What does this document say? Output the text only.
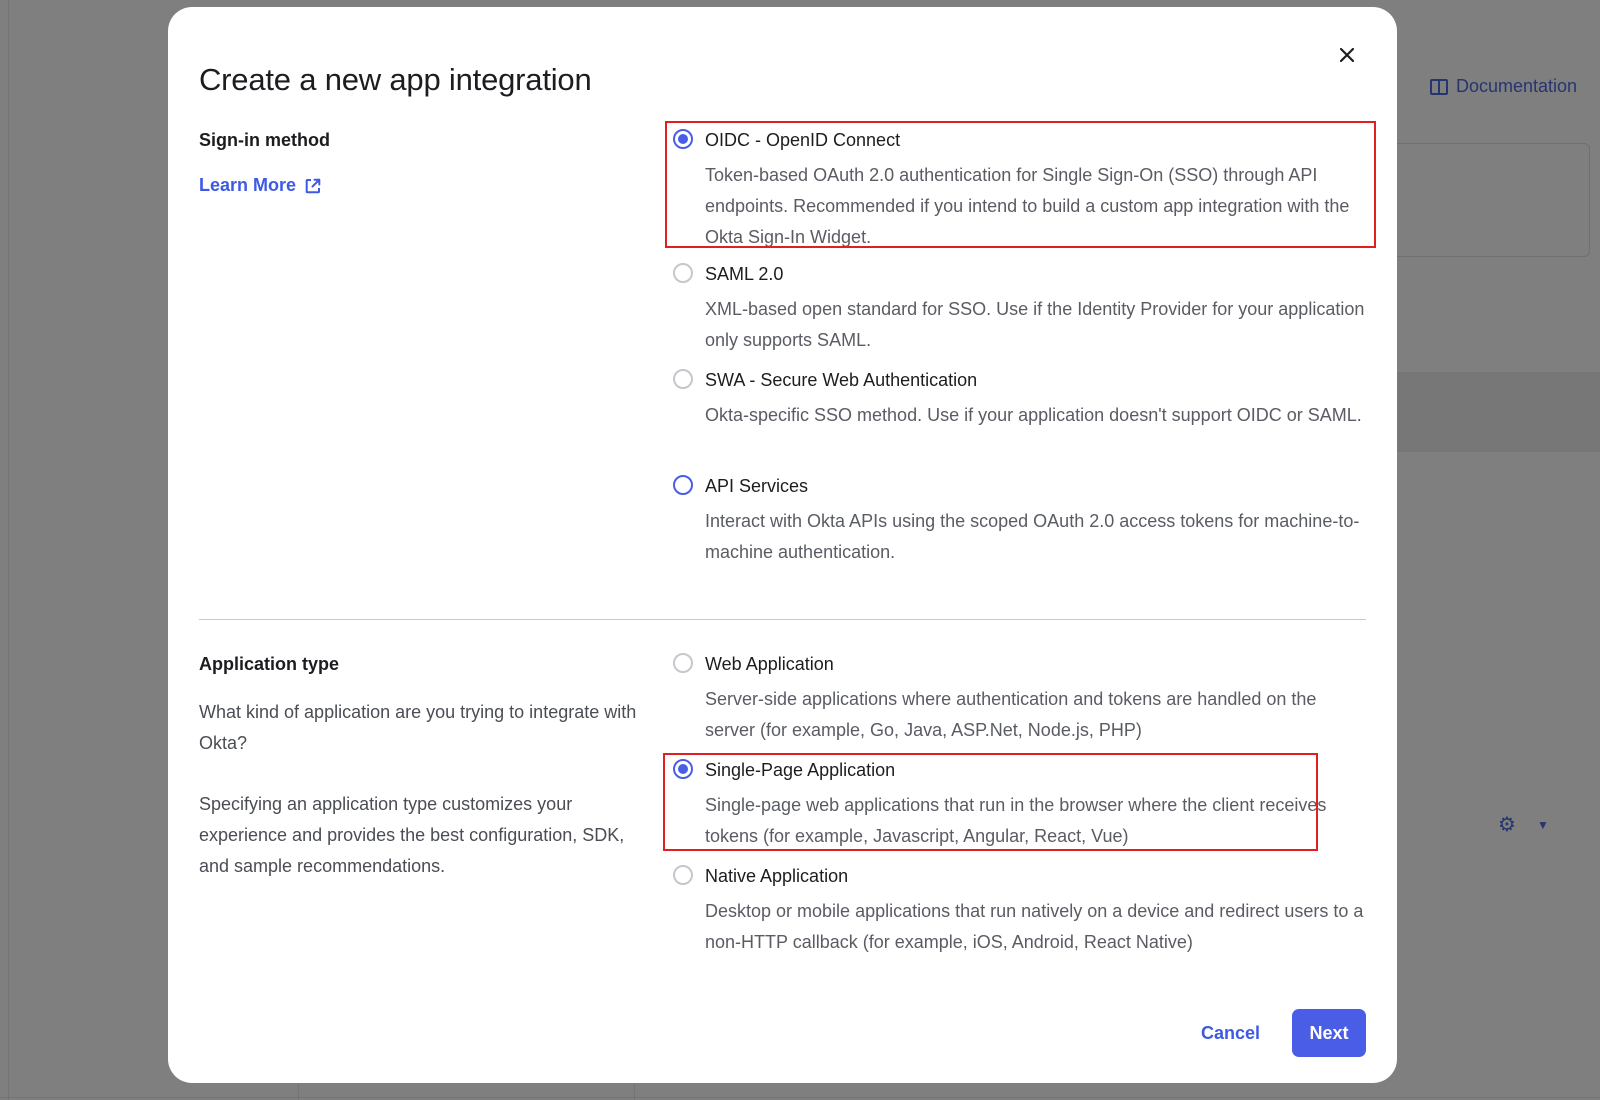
Documentation
⚙ ▼
Create a new app integration
Sign-in method
Learn More
OIDC - OpenID Connect
Token-based OAuth 2.0 authentication for Single Sign-On (SSO) through API endpoints. Recommended if you intend to build a custom app integration with the Okta Sign-In Widget.
SAML 2.0
XML-based open standard for SSO. Use if the Identity Provider for your application only supports SAML.
SWA - Secure Web Authentication
Okta-specific SSO method. Use if your application doesn't support OIDC or SAML.
API Services
Interact with Okta APIs using the scoped OAuth 2.0 access tokens for machine-to-machine authentication.
Application type

What kind of application are you trying to integrate with Okta?

Specifying an application type customizes your experience and provides the best configuration, SDK, and sample recommendations.

Web Application
Server-side applications where authentication and tokens are handled on the server (for example, Go, Java, ASP.Net, Node.js, PHP)
Single-Page Application
Single-page web applications that run in the browser where the client receives tokens (for example, Javascript, Angular, React, Vue)
Native Application
Desktop or mobile applications that run natively on a device and redirect users to a non-HTTP callback (for example, iOS, Android, React Native)
Cancel	Next
